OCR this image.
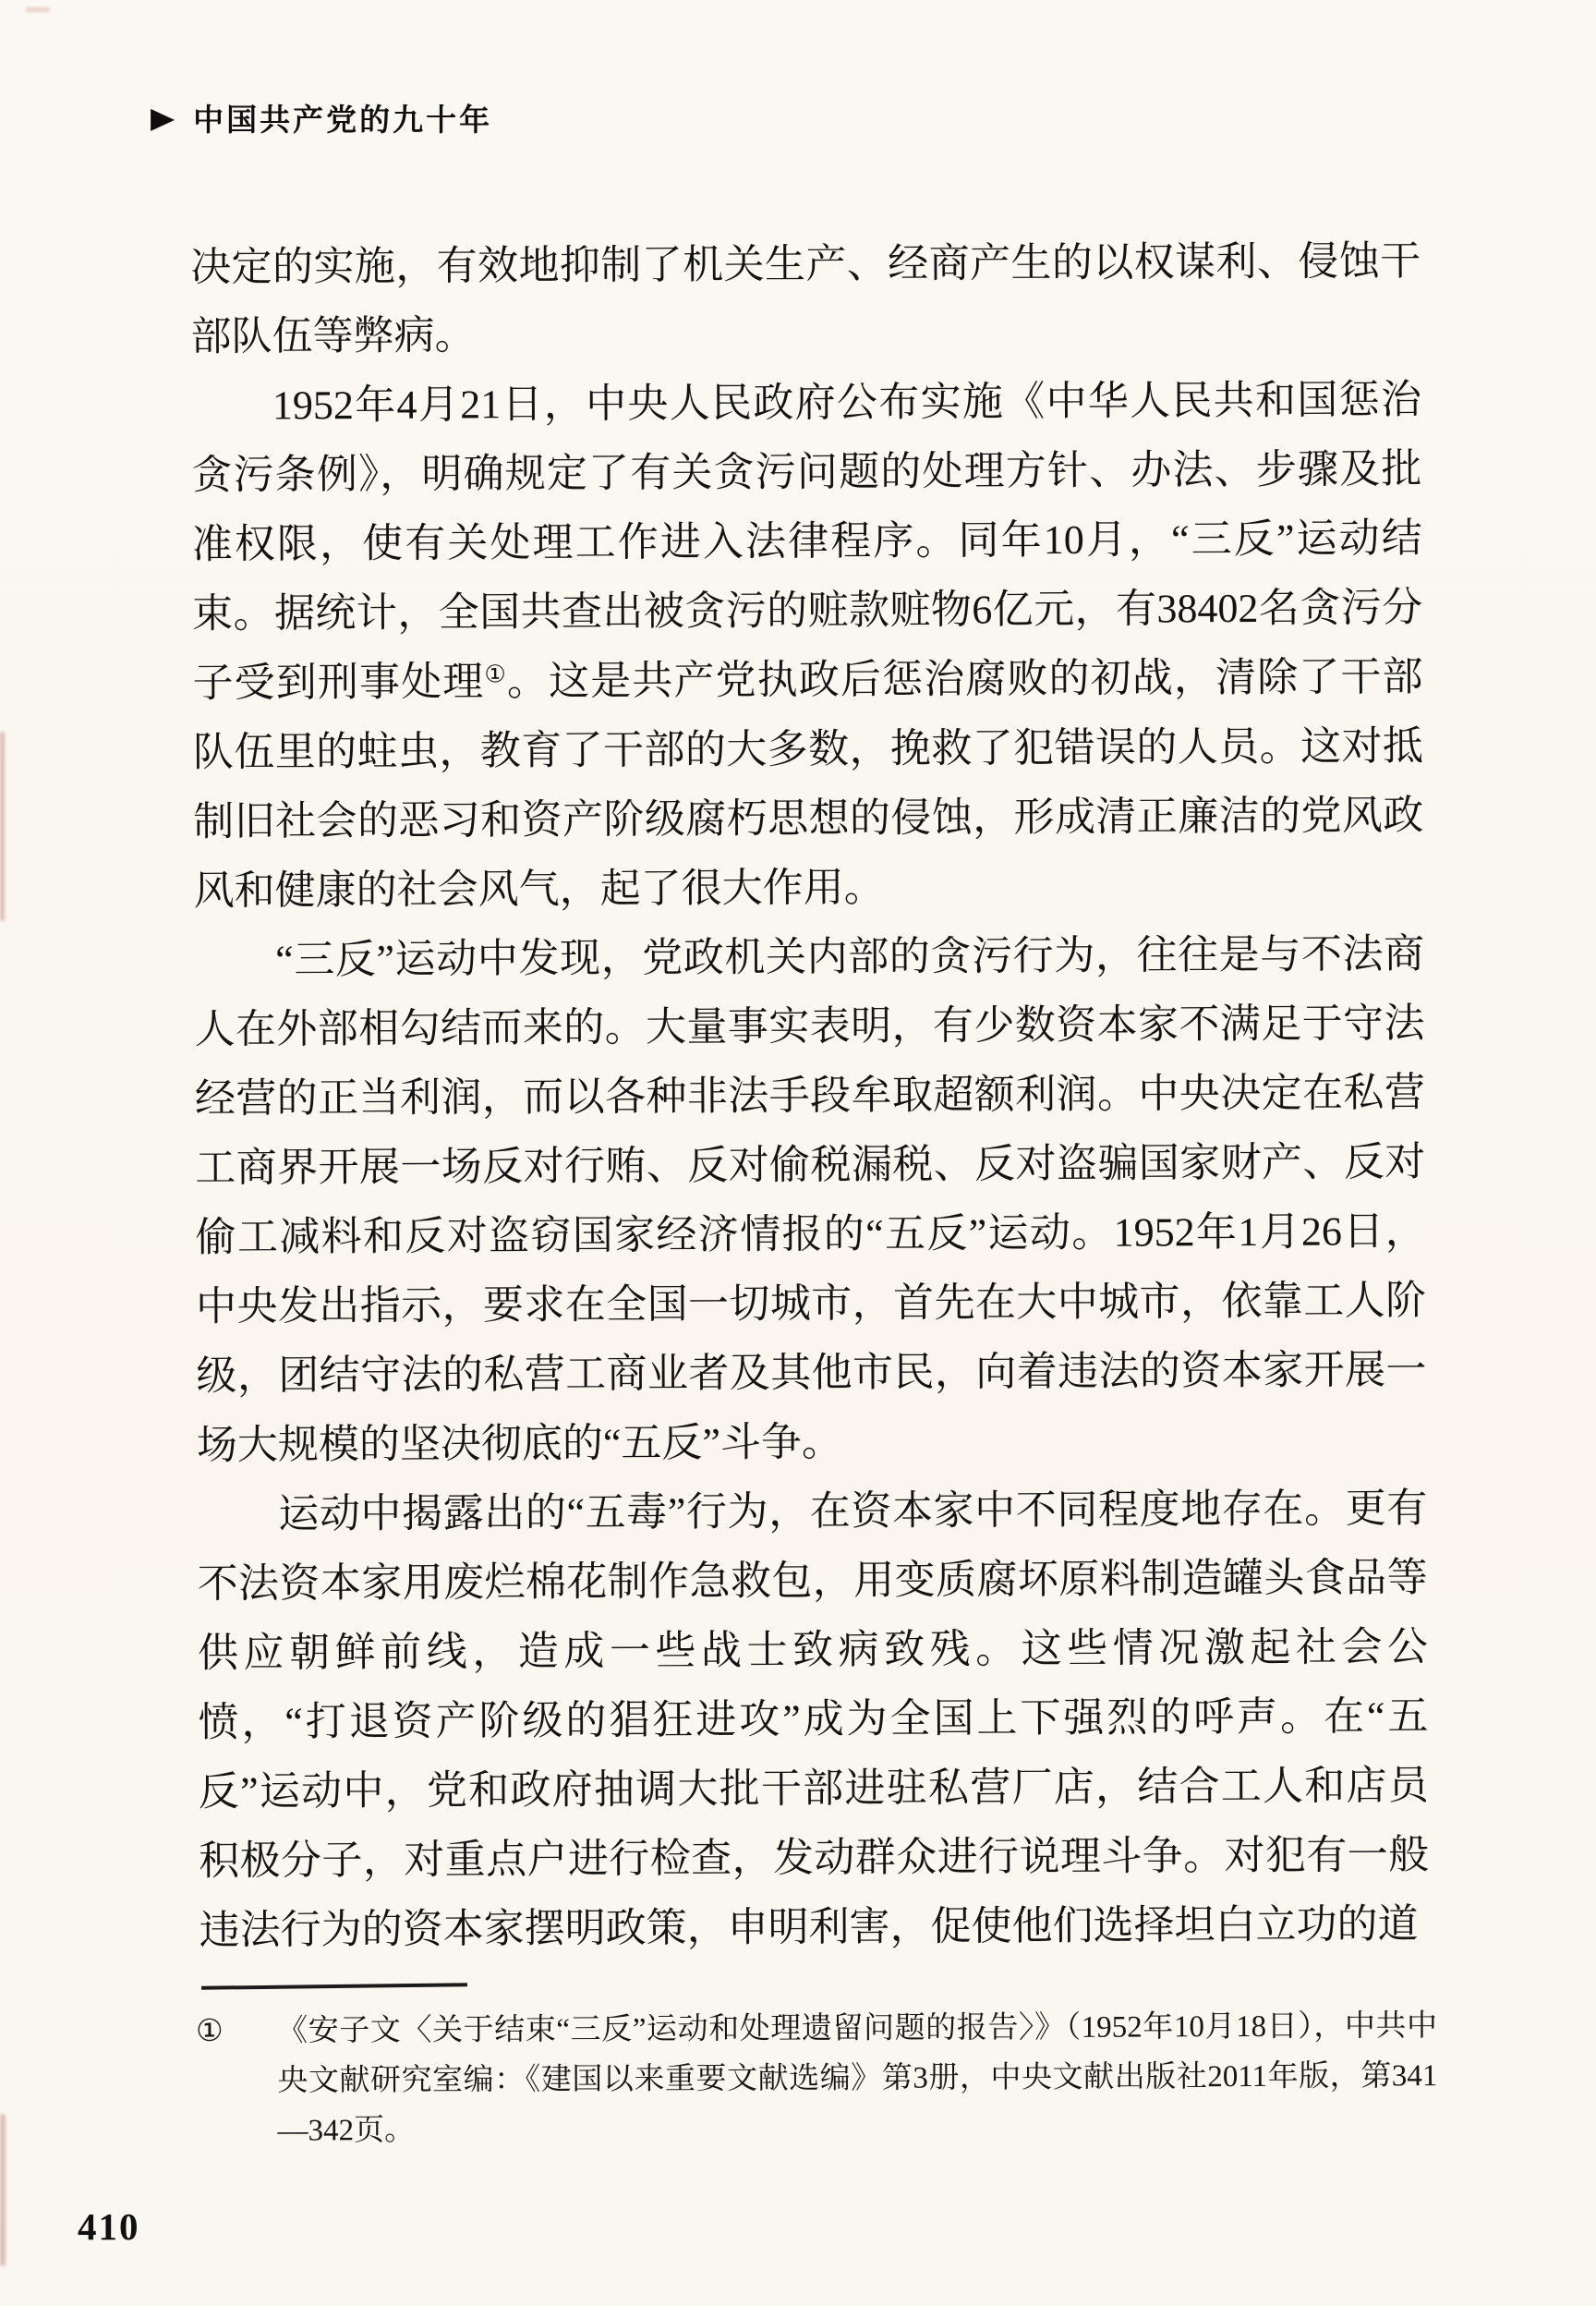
▶ 中国共产党的九十年

决定的实施，有效地抑制了机关生产、经商产生的以权谋利、侵蚀干部队伍等弊病。

1952年4月21日，中央人民政府公布实施《中华人民共和国惩治贪污条例》，明确规定了有关贪污问题的处理方针、办法、步骤及批准权限，使有关处理工作进入法律程序。同年10月，“三反”运动结束。据统计，全国共查出被贪污的赃款赃物6亿元，有38402名贪污分子受到刑事处理①。这是共产党执政后惩治腐败的初战，清除了干部队伍里的蛀虫，教育了干部的大多数，挽救了犯错误的人员。这对抵制旧社会的恶习和资产阶级腐朽思想的侵蚀，形成清正廉洁的党风政风和健康的社会风气，起了很大作用。

“三反”运动中发现，党政机关内部的贪污行为，往往是与不法商人在外部相勾结而来的。大量事实表明，有少数资本家不满足于守法经营的正当利润，而以各种非法手段牟取超额利润。中央决定在私营工商界开展一场反对行贿、反对偷税漏税、反对盗骗国家财产、反对偷工减料和反对盗窃国家经济情报的“五反”运动。1952年1月26日，中央发出指示，要求在全国一切城市，首先在大中城市，依靠工人阶级，团结守法的私营工商业者及其他市民，向着违法的资本家开展一场大规模的坚决彻底的“五反”斗争。

运动中揭露出的“五毒”行为，在资本家中不同程度地存在。更有不法资本家用废烂棉花制作急救包，用变质腐坏原料制造罐头食品等供应朝鲜前线，造成一些战士致病致残。这些情况激起社会公愤，“打退资产阶级的猖狂进攻”成为全国上下强烈的呼声。在“五反”运动中，党和政府抽调大批干部进驻私营厂店，结合工人和店员积极分子，对重点户进行检查，发动群众进行说理斗争。对犯有一般违法行为的资本家摆明政策，申明利害，促使他们选择坦白立功的道

①	《安子文〈关于结束“三反”运动和处理遗留问题的报告〉》（1952年10月18日），中共中央文献研究室编：《建国以来重要文献选编》第3册，中央文献出版社2011年版，第341—342页。
410
